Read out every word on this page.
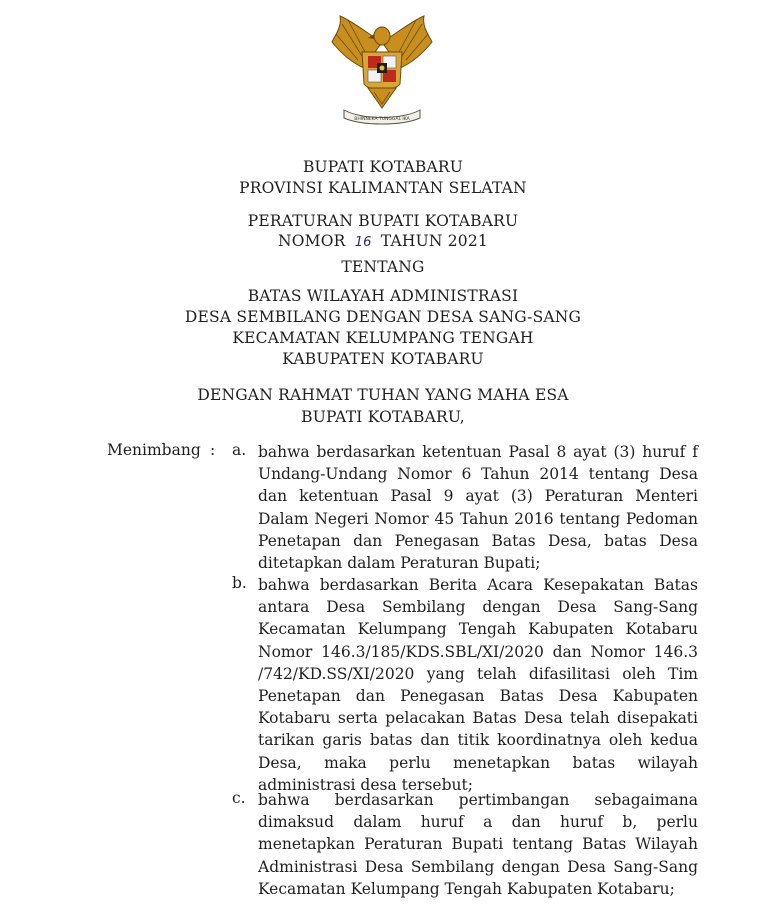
BHINNEKA TUNGGAL IKA
BUPATI KOTABARU
PROVINSI KALIMANTAN SELATAN
PERATURAN BUPATI KOTABARU
NOMOR 16 TAHUN 2021
TENTANG
BATAS WILAYAH ADMINISTRASI
DESA SEMBILANG DENGAN DESA SANG-SANG
KECAMATAN KELUMPANG TENGAH
KABUPATEN KOTABARU
DENGAN RAHMAT TUHAN YANG MAHA ESA
BUPATI KOTABARU,
Menimbang : a. bahwa berdasarkan ketentuan Pasal 8 ayat (3) huruf f Undang-Undang Nomor 6 Tahun 2014 tentang Desa dan ketentuan Pasal 9 ayat (3) Peraturan Menteri Dalam Negeri Nomor 45 Tahun 2016 tentang Pedoman Penetapan dan Penegasan Batas Desa, batas Desa ditetapkan dalam Peraturan Bupati;
b. bahwa berdasarkan Berita Acara Kesepakatan Batas antara Desa Sembilang dengan Desa Sang-Sang Kecamatan Kelumpang Tengah Kabupaten Kotabaru Nomor 146.3/185/KDS.SBL/XI/2020 dan Nomor 146.3 /742/KD.SS/XI/2020 yang telah difasilitasi oleh Tim Penetapan dan Penegasan Batas Desa Kabupaten Kotabaru serta pelacakan Batas Desa telah disepakati tarikan garis batas dan titik koordinatnya oleh kedua Desa, maka perlu menetapkan batas wilayah administrasi desa tersebut;
c. bahwa berdasarkan pertimbangan sebagaimana dimaksud dalam huruf a dan huruf b, perlu menetapkan Peraturan Bupati tentang Batas Wilayah Administrasi Desa Sembilang dengan Desa Sang-Sang Kecamatan Kelumpang Tengah Kabupaten Kotabaru;
